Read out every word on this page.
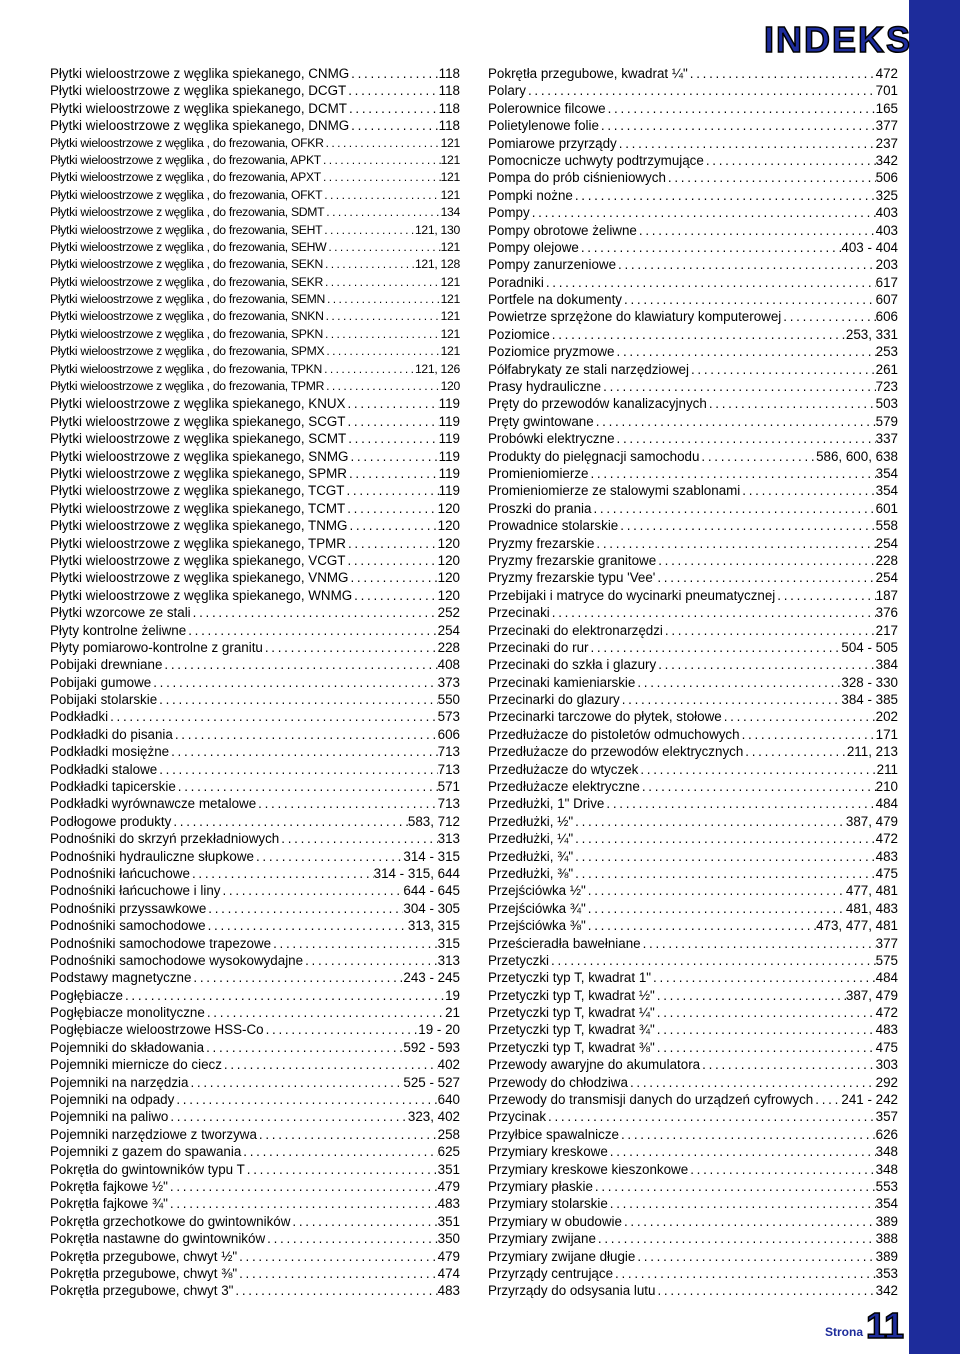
INDEKS
Płytki wieloostrzowe z węglika spiekanego, CNMG . . .	118
Płytki wieloostrzowe z węglika spiekanego, DCGT . . .	118
Płytki wieloostrzowe z węglika spiekanego, DCMT . . .	118
Płytki wieloostrzowe z węglika spiekanego, DNMG . . .	118
Płytki wieloostrzowe z węglika , do frezowania, OFKR . . .	121
Płytki wieloostrzowe z węglika , do frezowania, APKT . . .	121
Płytki wieloostrzowe z węglika , do frezowania, APXT . . .	121
Płytki wieloostrzowe z węglika , do frezowania, OFKT . . .	121
Płytki wieloostrzowe z węglika , do frezowania, SDMT . . .	134
Płytki wieloostrzowe z węglika , do frezowania, SEHT . . .	121, 130
Płytki wieloostrzowe z węglika , do frezowania, SEHW . . .	121
Płytki wieloostrzowe z węglika , do frezowania, SEKN . . .	121, 128
Płytki wieloostrzowe z węglika , do frezowania, SEKR . . .	121
Płytki wieloostrzowe z węglika , do frezowania, SEMN . . .	121
Płytki wieloostrzowe z węglika , do frezowania, SNKN . . .	121
Płytki wieloostrzowe z węglika , do frezowania, SPKN . . .	121
Płytki wieloostrzowe z węglika , do frezowania, SPMX . . .	121
Płytki wieloostrzowe z węglika , do frezowania, TPKN . . .	121, 126
Płytki wieloostrzowe z węglika , do frezowania, TPMR . . .	120
Płytki wieloostrzowe z węglika spiekanego, KNUX . . .	119
Płytki wieloostrzowe z węglika spiekanego, SCGT . . .	119
Płytki wieloostrzowe z węglika spiekanego, SCMT . . .	119
Płytki wieloostrzowe z węglika spiekanego, SNMG . . .	119
Płytki wieloostrzowe z węglika spiekanego, SPMR . . .	119
Płytki wieloostrzowe z węglika spiekanego, TCGT . . .	119
Płytki wieloostrzowe z węglika spiekanego, TCMT . . .	120
Płytki wieloostrzowe z węglika spiekanego, TNMG . . .	120
Płytki wieloostrzowe z węglika spiekanego, TPMR . . .	120
Płytki wieloostrzowe z węglika spiekanego, VCGT . . .	120
Płytki wieloostrzowe z węglika spiekanego, VNMG . . .	120
Płytki wieloostrzowe z węglika spiekanego, WNMG . . .	120
Płytki wzorcowe ze stali . . .	252
Płyty kontrolne żeliwne . . .	254
Płyty pomiarowo-kontrolne z granitu . . .	228
Pobijaki drewniane . . .	408
Pobijaki gumowe . . .	373
Pobijaki stolarskie . . .	550
Podkładki . . .	573
Podkładki do pisania . . .	606
Podkładki mosiężne . . .	713
Podkładki stalowe . . .	713
Podkładki tapicerskie . . .	571
Podkładki wyrównawcze metalowe . . .	713
Podłogowe produkty . . .	583, 712
Podnośniki do skrzyń przekładniowych . . .	313
Podnośniki hydrauliczne słupkowe . . .	314 - 315
Podnośniki łańcuchowe . . .	314 - 315, 644
Podnośniki łańcuchowe i liny . . .	644 - 645
Podnośniki przyssawkowe . . .	304 - 305
Podnośniki samochodowe . . .	313, 315
Podnośniki samochodowe trapezowe . . .	315
Podnośniki samochodowe wysokowydajne . . .	313
Podstawy magnetyczne . . .	243 - 245
Pogłębiacze . . .	19
Pogłębiacze monolityczne . . .	21
Pogłębiacze wieloostrzowe HSS-Co . . .	19 - 20
Pojemniki do składowania . . .	592 - 593
Pojemniki miernicze do ciecz . . .	402
Pojemniki na narzędzia . . .	525 - 527
Pojemniki na odpady . . .	640
Pojemniki na paliwo . . .	323, 402
Pojemniki narzędziowe z tworzywa . . .	258
Pojemniki z gazem do spawania . . .	625
Pokrętła do gwintowników typu T . . .	351
Pokrętła fajkowe ½" . . .	479
Pokrętła fajkowe ¾" . . .	483
Pokrętła grzechotkowe do gwintowników . . .	351
Pokrętła nastawne do gwintowników . . .	350
Pokrętła przegubowe, chwyt ½" . . .	479
Pokrętła przegubowe, chwyt ⅜" . . .	474
Pokrętła przegubowe, chwyt 3" . . .	483
Pokrętła przegubowe, kwadrat ¼" . . .	472
Polary . . .	701
Polerownice filcowe . . .	165
Polietylenowe folie . . .	377
Pomiarowe przyrządy . . .	237
Pomocnicze uchwyty podtrzymujące . . .	342
Pompa do prób ciśnieniowych . . .	506
Pompki nożne . . .	325
Pompy . . .	403
Pompy obrotowe żeliwne . . .	403
Pompy olejowe . . .	403 - 404
Pompy zanurzeniowe . . .	203
Poradniki . . .	617
Portfele na dokumenty . . .	607
Powietrze sprzężone do klawiatury komputerowej . . .	606
Poziomice . . .	253, 331
Poziomice pryzmowe . . .	253
Półfabrykaty ze stali narzędziowej . . .	261
Prasy hydrauliczne . . .	723
Pręty do przewodów kanalizacyjnych . . .	503
Pręty gwintowane . . .	579
Probówki elektryczne . . .	337
Produkty do pielęgnacji samochodu . . .	586, 600, 638
Promieniomierze . . .	354
Promieniomierze ze stalowymi szablonami . . .	354
Proszki do prania . . .	601
Prowadnice stolarskie . . .	558
Pryzmy frezarskie . . .	254
Pryzmy frezarskie granitowe . . .	228
Pryzmy frezarskie typu 'Vee' . . .	254
Przebijaki i matryce do wycinarki pneumatycznej . . .	187
Przecinaki . . .	376
Przecinaki do elektronarzędzi . . .	217
Przecinaki do rur . . .	504 - 505
Przecinaki do szkła i glazury . . .	384
Przecinaki kamieniarskie . . .	328 - 330
Przecinarki do glazury . . .	384 - 385
Przecinarki tarczowe do płytek, stołowe . . .	202
Przedłużacze do pistoletów odmuchowych . . .	171
Przedłużacze do przewodów elektrycznych . . .	211, 213
Przedłużacze do wtyczek . . .	211
Przedłużacze elektryczne . . .	210
Przedłużki, 1" Drive . . .	484
Przedłużki, ½" . . .	387, 479
Przedłużki, ¼" . . .	472
Przedłużki, ¾" . . .	483
Przedłużki, ⅜" . . .	475
Przejściówka ½" . . .	477, 481
Przejściówka ¾" . . .	481, 483
Przejściówka ⅜" . . .	473, 477, 481
Prześcieradła bawełniane . . .	377
Przetyczki . . .	575
Przetyczki typ T, kwadrat 1" . . .	484
Przetyczki typ T, kwadrat ½" . . .	387, 479
Przetyczki typ T, kwadrat ¼" . . .	472
Przetyczki typ T, kwadrat ¾" . . .	483
Przetyczki typ T, kwadrat ⅜" . . .	475
Przewody awaryjne do akumulatora . . .	303
Przewody do chłodziwa . . .	292
Przewody do transmisji danych do urządzeń cyfrowych . . . 241 - 242
Przycinak . . .	357
Przyłbice spawalnicze . . .	626
Przymiary kreskowe . . .	348
Przymiary kreskowe kieszonkowe . . .	348
Przymiary płaskie . . .	553
Przymiary stolarskie . . .	354
Przymiary w obudowie . . .	389
Przymiary zwijane . . .	388
Przymiary zwijane długie . . .	389
Przyrządy centrujące . . .	353
Przyrządy do odsysania lutu . . .	342
Strona 11
